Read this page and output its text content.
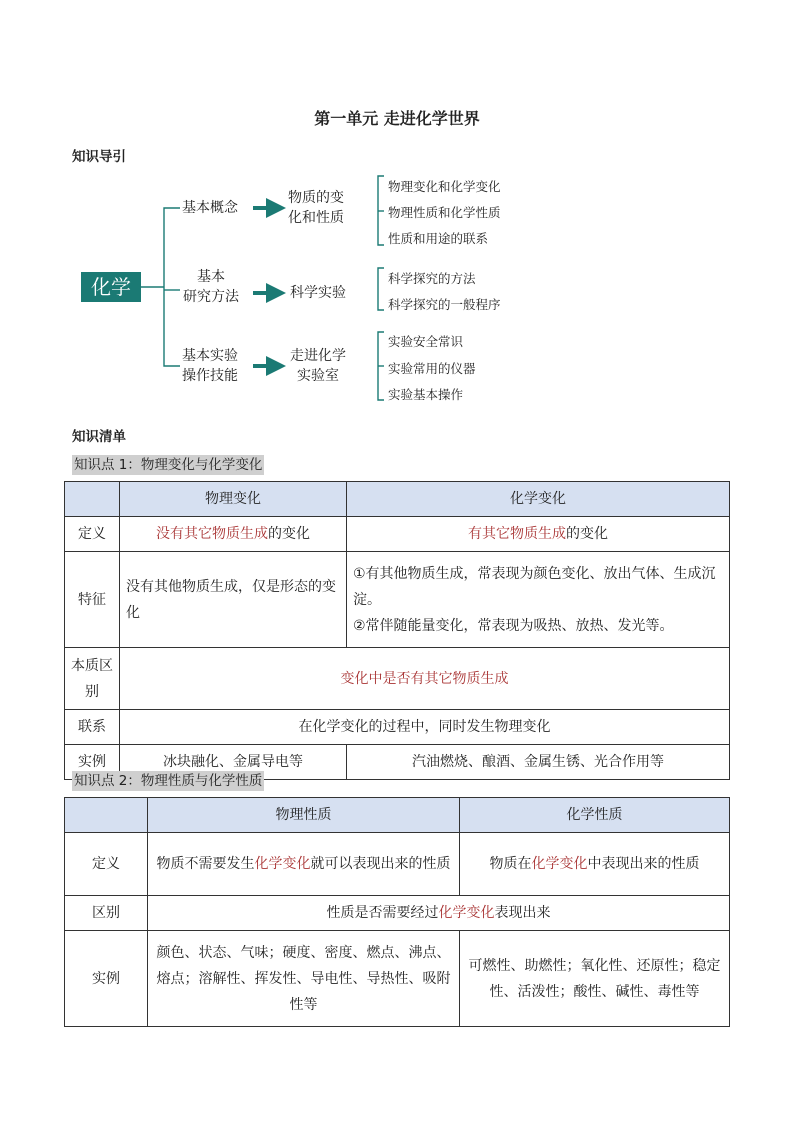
第一单元 走进化学世界
知识导引
化学
基本概念
物质的变
化和性质
基本
研究方法	科学实验
基本实验
操作技能
走进化学
实验室
物理变化和化学变化
物理性质和化学性质
性质和用途的联系
科学探究的方法
科学探究的一般程序
实验安全常识
实验常用的仪器
实验基本操作
知识清单
知识点 1：物理变化与化学变化
	物理变化	化学变化
定义	没有其它物质生成的变化	有其它物质生成的变化
特征	没有其他物质生成，仅是形态的变化	①有其他物质生成，常表现为颜色变化、放出气体、生成沉淀。
②常伴随能量变化，常表现为吸热、放热、发光等。

本质区别	变化中是否有其它物质生成	
联系	在化学变化的过程中，同时发生物理变化	
实例	冰块融化、金属导电等	汽油燃烧、酿酒、金属生锈、光合作用等
知识点 2：物理性质与化学性质
	物理性质	化学性质
定义	物质不需要发生化学变化就可以表现出来的性质	物质在化学变化中表现出来的性质
区别	性质是否需要经过化学变化表现出来	
实例	颜色、状态、气味；硬度、密度、燃点、沸点、熔点；溶解性、挥发性、导电性、导热性、吸附性等	可燃性、助燃性；氧化性、还原性；稳定性、活泼性；酸性、碱性、毒性等
